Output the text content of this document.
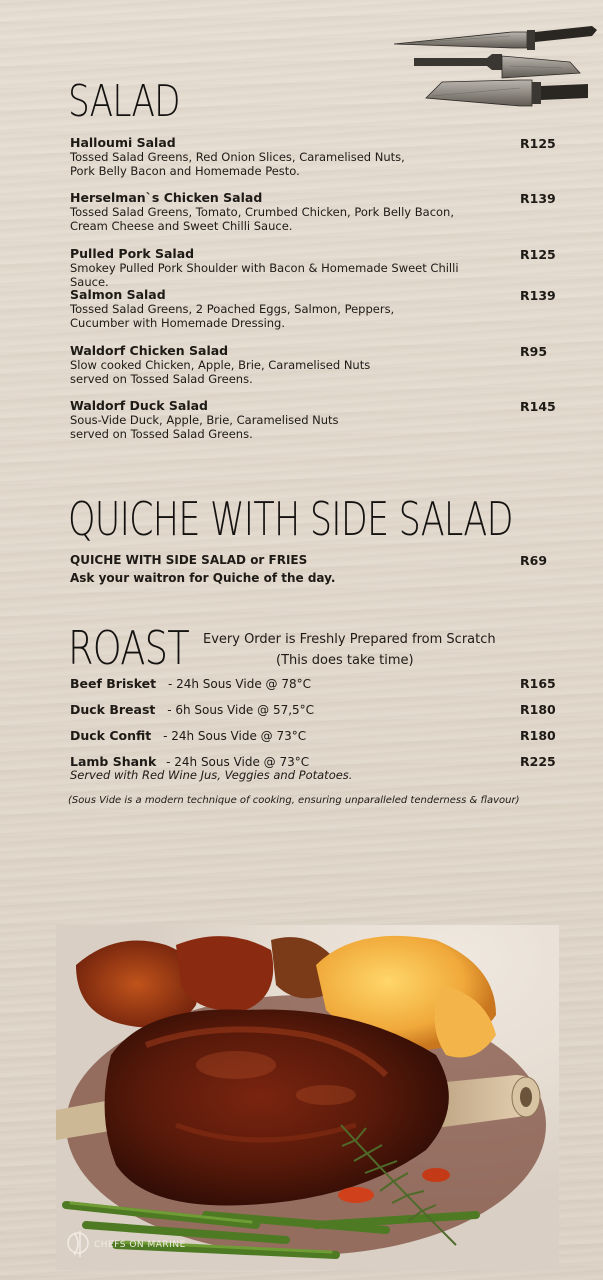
SALAD
Halloumi Salad
Tossed Salad Greens, Red Onion Slices, Caramelised Nuts,
Pork Belly Bacon and Homemade Pesto.
R125
Herselman`s Chicken Salad
Tossed Salad Greens, Tomato, Crumbed Chicken, Pork Belly Bacon,
Cream Cheese and Sweet Chilli Sauce.
R139
Pulled Pork Salad
Smokey Pulled Pork Shoulder with Bacon & Homemade Sweet Chilli Sauce.
R125
Salmon Salad
Tossed Salad Greens, 2 Poached Eggs, Salmon, Peppers,
Cucumber with Homemade Dressing.
R139
Waldorf Chicken Salad
Slow cooked Chicken, Apple, Brie, Caramelised Nuts
served on Tossed Salad Greens.
R95
Waldorf Duck Salad
Sous-Vide Duck, Apple, Brie, Caramelised Nuts
served on Tossed Salad Greens.
R145
QUICHE WITH SIDE SALAD
QUICHE WITH SIDE SALAD or FRIES
Ask your waitron for Quiche of the day.
R69
ROAST Every Order is Freshly Prepared from Scratch
(This does take time)
Beef Brisket - 24h Sous Vide @ 78°C	R165
Duck Breast - 6h Sous Vide @ 57,5°C	R180
Duck Confit - 24h Sous Vide @ 73°C	R180
Lamb Shank - 24h Sous Vide @ 73°C	R225
Served with Red Wine Jus, Veggies and Potatoes.
(Sous Vide is a modern technique of cooking, ensuring unparalleled tenderness & flavour)
CHEFS ON MARINE
